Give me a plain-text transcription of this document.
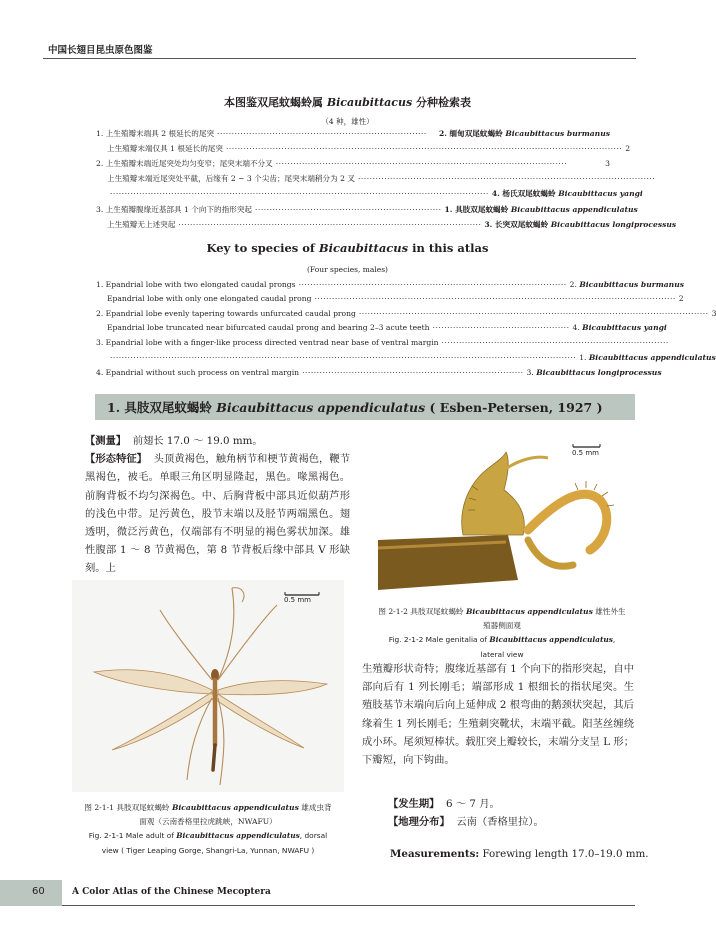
中国长翅目昆虫原色图鉴
本图鉴双尾蚊蝎蛉属 Bicaubittacus 分种检索表
（4 种，雄性）
1. 上生殖瓣末端具 2 根延长的尾突 ········································································	2. 缅甸双尾蚊蝎蛉 Bicaubittacus burmanus
上生殖瓣末端仅具 1 根延长的尾突 ········································································································································ 2
2. 上生殖瓣末端近尾突处均匀变窄；尾突末端不分叉 ····································································································	3
上生殖瓣末端近尾突处平截，后缘有 2 ~ 3 个尖齿；尾突末端稍分为 2 叉 ······································································································
·································································································································· 4. 杨氏双尾蚊蝎蛉 Bicaubittacus yangi
3. 上生殖瓣腹缘近基部具 1 个向下的指形突起 ································································ 1. 具肢双尾蚊蝎蛉 Bicaubittacus appendiculatus
上生殖瓣无上述突起 ········································································································ 3. 长突双尾蚊蝎蛉 Bicaubittacus longiprocessus
Key to species of Bicaubittacus in this atlas
(Four species, males)
1. Epandrial lobe with two elongated caudal prongs ···························································································· 2. Bicaubittacus burmanus
Epandrial lobe with only one elongated caudal prong ···························································································································· 2
2. Epandrial lobe evenly tapering towards unfurcated caudal prong ························································································································ 3
Epandrial lobe truncated near bifurcated caudal prong and bearing 2–3 acute teeth ··············································· 4. Bicaubittacus yangi
3. Epandrial lobe with a finger-like process directed ventrad near base of ventral margin ··············································································
································································································································································ 1. Bicaubittacus appendiculatus
4. Epandrial without such process on ventral margin ············································································ 3. Bicaubittacus longiprocessus
1. 具肢双尾蚊蝎蛉 Bicaubittacus appendiculatus ( Esben-Petersen, 1927 )

【测量】 前翅长 17.0 ～ 19.0 mm。

【形态特征】 头顶黄褐色，触角柄节和梗节黄褐色，鞭节黑褐色，被毛。单眼三角区明显隆起，黑色。喙黑褐色。前胸背板不均匀深褐色。中、后胸背板中部具近似葫芦形的浅色中带。足污黄色，股节末端以及胫节两端黑色。翅透明，微泛污黄色，仅端部有不明显的褐色雾状加深。雄性腹部 1 ～ 8 节黄褐色，第 8 节背板后缘中部具 V 形缺刻。上

0.5 mm
图 2-1-1 具肢双尾蚊蝎蛉 Bicaubittacus appendiculatus 雄成虫背
面观（云南香格里拉虎跳峡，NWAFU）
Fig. 2-1-1 Male adult of Bicaubittacus appendiculatus, dorsal
view ( Tiger Leaping Gorge, Shangri-La, Yunnan, NWAFU )
0.5 mm
图 2-1-2 具肢双尾蚊蝎蛉 Bicaubittacus appendiculatus 雄性外生
殖器侧面观
Fig. 2-1-2 Male genitalia of Bicaubittacus appendiculatus,
lateral view

生殖瓣形状奇特；腹缘近基部有 1 个向下的指形突起，自中部向后有 1 列长刚毛；端部形成 1 根细长的指状尾突。生殖肢基节末端向后向上延伸成 2 根弯曲的鹅颈状突起，其后缘着生 1 列长刚毛；生殖刺突靴状，末端平截。阳茎丝缠绕成小环。尾须短棒状。载肛突上瓣较长，末端分支呈 L 形；下瓣短，向下钩曲。

【发生期】 6 ～ 7 月。
【地理分布】 云南（香格里拉）。
Measurements: Forewing length 17.0–19.0 mm.
60	A Color Atlas of the Chinese Mecoptera
